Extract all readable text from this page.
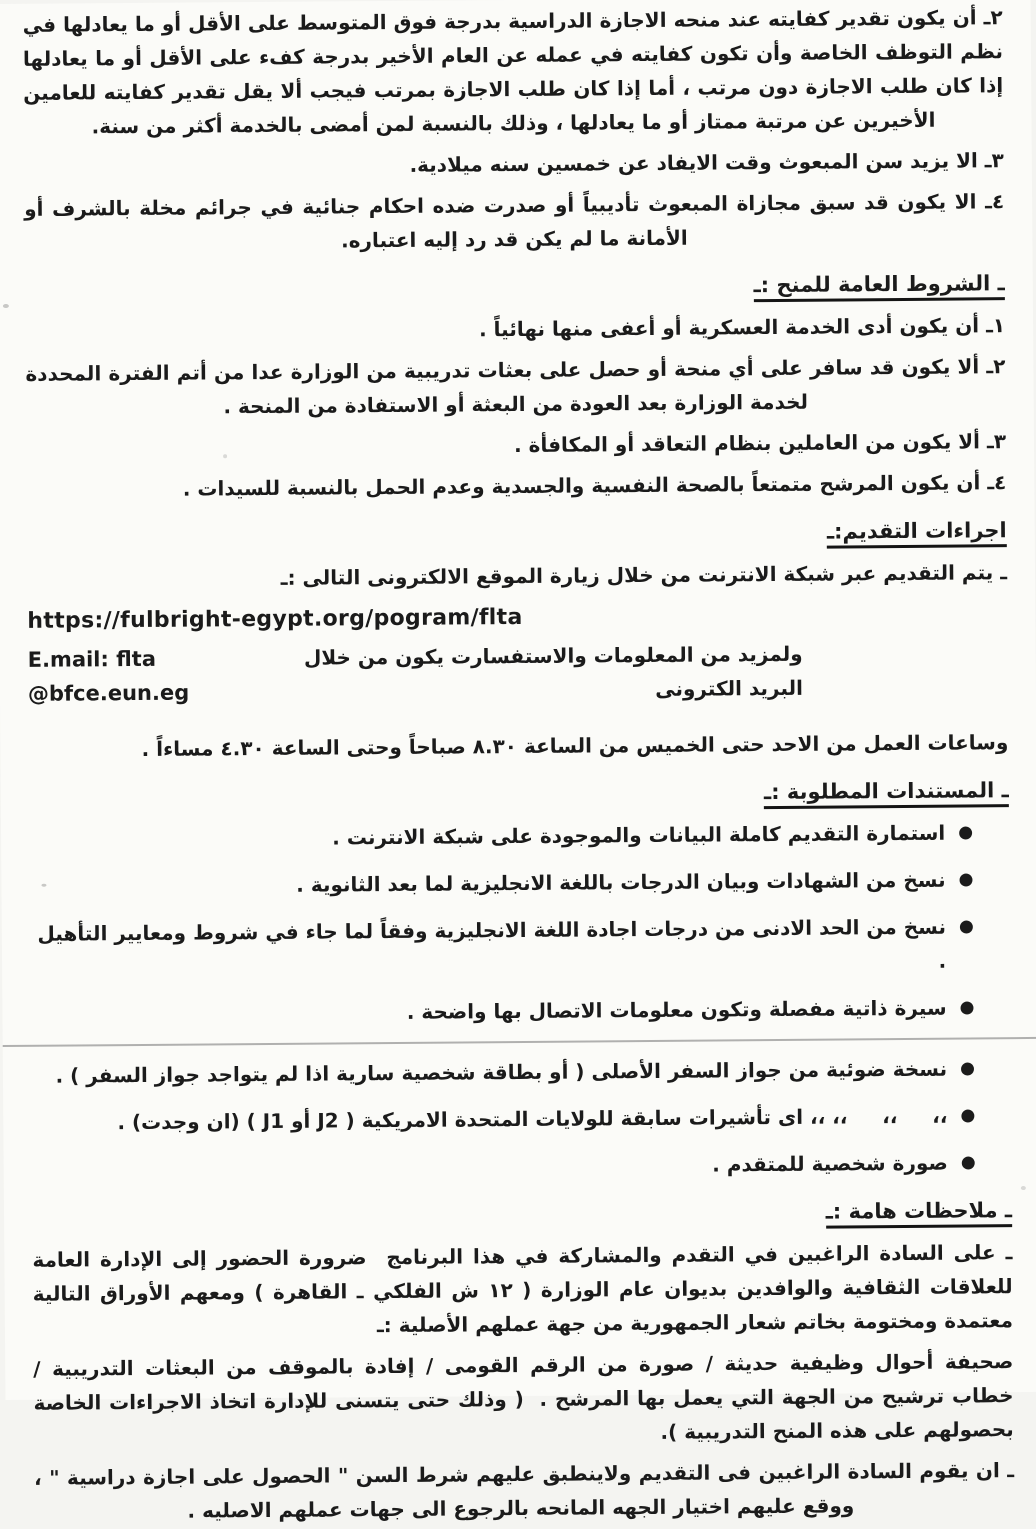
٢ـ أن يكون تقدير كفايته عند منحه الاجازة الدراسية بدرجة فوق المتوسط على الأقل أو ما يعادلها في نظم التوظف الخاصة وأن تكون كفايته في عمله عن العام الأخير بدرجة كفء على الأقل أو ما يعادلها إذا كان طلب الاجازة دون مرتب ، أما إذا كان طلب الاجازة بمرتب فيجب ألا يقل تقدير كفايته للعامين الأخيرين عن مرتبة ممتاز أو ما يعادلها ، وذلك بالنسبة لمن أمضى بالخدمة أكثر من سنة.

٣ـ الا يزيد سن المبعوث وقت الايفاد عن خمسين سنه ميلادية.

٤ـ الا يكون قد سبق مجازاة المبعوث تأديبياً أو صدرت ضده احكام جنائية في جرائم مخلة بالشرف أو الأمانة ما لم يكن قد رد إليه اعتباره.

ـ الشروط العامة للمنح :ـ

١ـ أن يكون أدى الخدمة العسكرية أو أعفى منها نهائياً .

٢ـ ألا يكون قد سافر على أي منحة أو حصل على بعثات تدريبية من الوزارة عدا من أتم الفترة المحددة لخدمة الوزارة بعد العودة من البعثة أو الاستفادة من المنحة .

٣ـ ألا يكون من العاملين بنظام التعاقد أو المكافأة .

٤ـ أن يكون المرشح متمتعاً بالصحة النفسية والجسدية وعدم الحمل بالنسبة للسيدات .

اجراءات التقديم:ـ

ـ يتم التقديم عبر شبكة الانترنت من خلال زيارة الموقع الالكترونى التالى :ـ

https://fulbright-egypt.org/pogram/flta

E.mail: flta @bfce.eun.eg
ولمزيد من المعلومات والاستفسارت يكون من خلال البريد الكترونى

وساعات العمل من الاحد حتى الخميس من الساعة ٨.٣٠ صباحاً وحتى الساعة ٤.٣٠ مساءاً .

ـ المستندات المطلوبة :ـ

●
استمارة التقديم كاملة البيانات والموجودة على شبكة الانترنت .
●
نسخ من الشهادات وبيان الدرجات باللغة الانجليزية لما بعد الثانوية .
●
نسخ من الحد الادنى من درجات اجادة اللغة الانجليزية وفقاً لما جاء في شروط ومعايير التأهيل .
●
سيرة ذاتية مفصلة وتكون معلومات الاتصال بها واضحة .
●
نسخة ضوئية من جواز السفر الأصلى ( أو بطاقة شخصية سارية اذا لم يتواجد جواز السفر ) .
●
،،     ،،     ،، ،، اى تأشيرات سابقة للولايات المتحدة الامريكية ( J2 أو J1 ) (ان وجدت) .
●
صورة شخصية للمتقدم .

ـ ملاحظات هامة :ـ

ـ على السادة الراغبين في التقدم والمشاركة في هذا البرنامج  ضرورة الحضور إلى الإدارة العامة للعلاقات الثقافية والوافدين بديوان عام الوزارة ( ١٢ ش الفلكي ـ القاهرة ) ومعهم الأوراق التالية معتمدة ومختومة بخاتم شعار الجمهورية من جهة عملهم الأصلية :ـ

صحيفة أحوال وظيفية حديثة / صورة من الرقم القومى / إفادة بالموقف من البعثات التدريبية / خطاب ترشيح من الجهة التي يعمل بها المرشح .  ( وذلك حتى يتسنى للإدارة اتخاذ الاجراءات الخاصة بحصولهم على هذه المنح التدريبية ).

ـ ان يقوم السادة الراغبين فى التقديم ولاينطبق عليهم شرط السن " الحصول على اجازة دراسية " ،  ووقع عليهم اختيار الجهه المانحه بالرجوع الى جهات عملهم الاصليه .
